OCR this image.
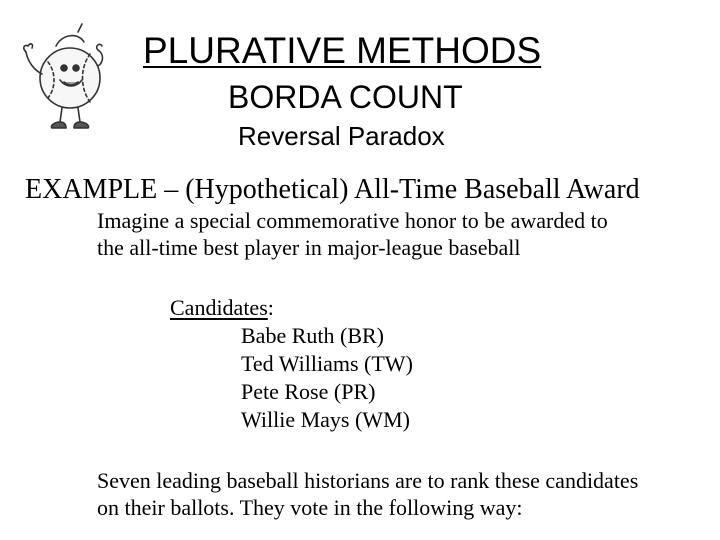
PLURATIVE METHODS
BORDA COUNT
Reversal Paradox
EXAMPLE – (Hypothetical) All-Time Baseball Award
Imagine a special commemorative honor to be awarded to
the all-time best player in major-league baseball
Candidates:
Babe Ruth (BR)
Ted Williams (TW)
Pete Rose (PR)
Willie Mays (WM)
Seven leading baseball historians are to rank these candidates
on their ballots. They vote in the following way:
